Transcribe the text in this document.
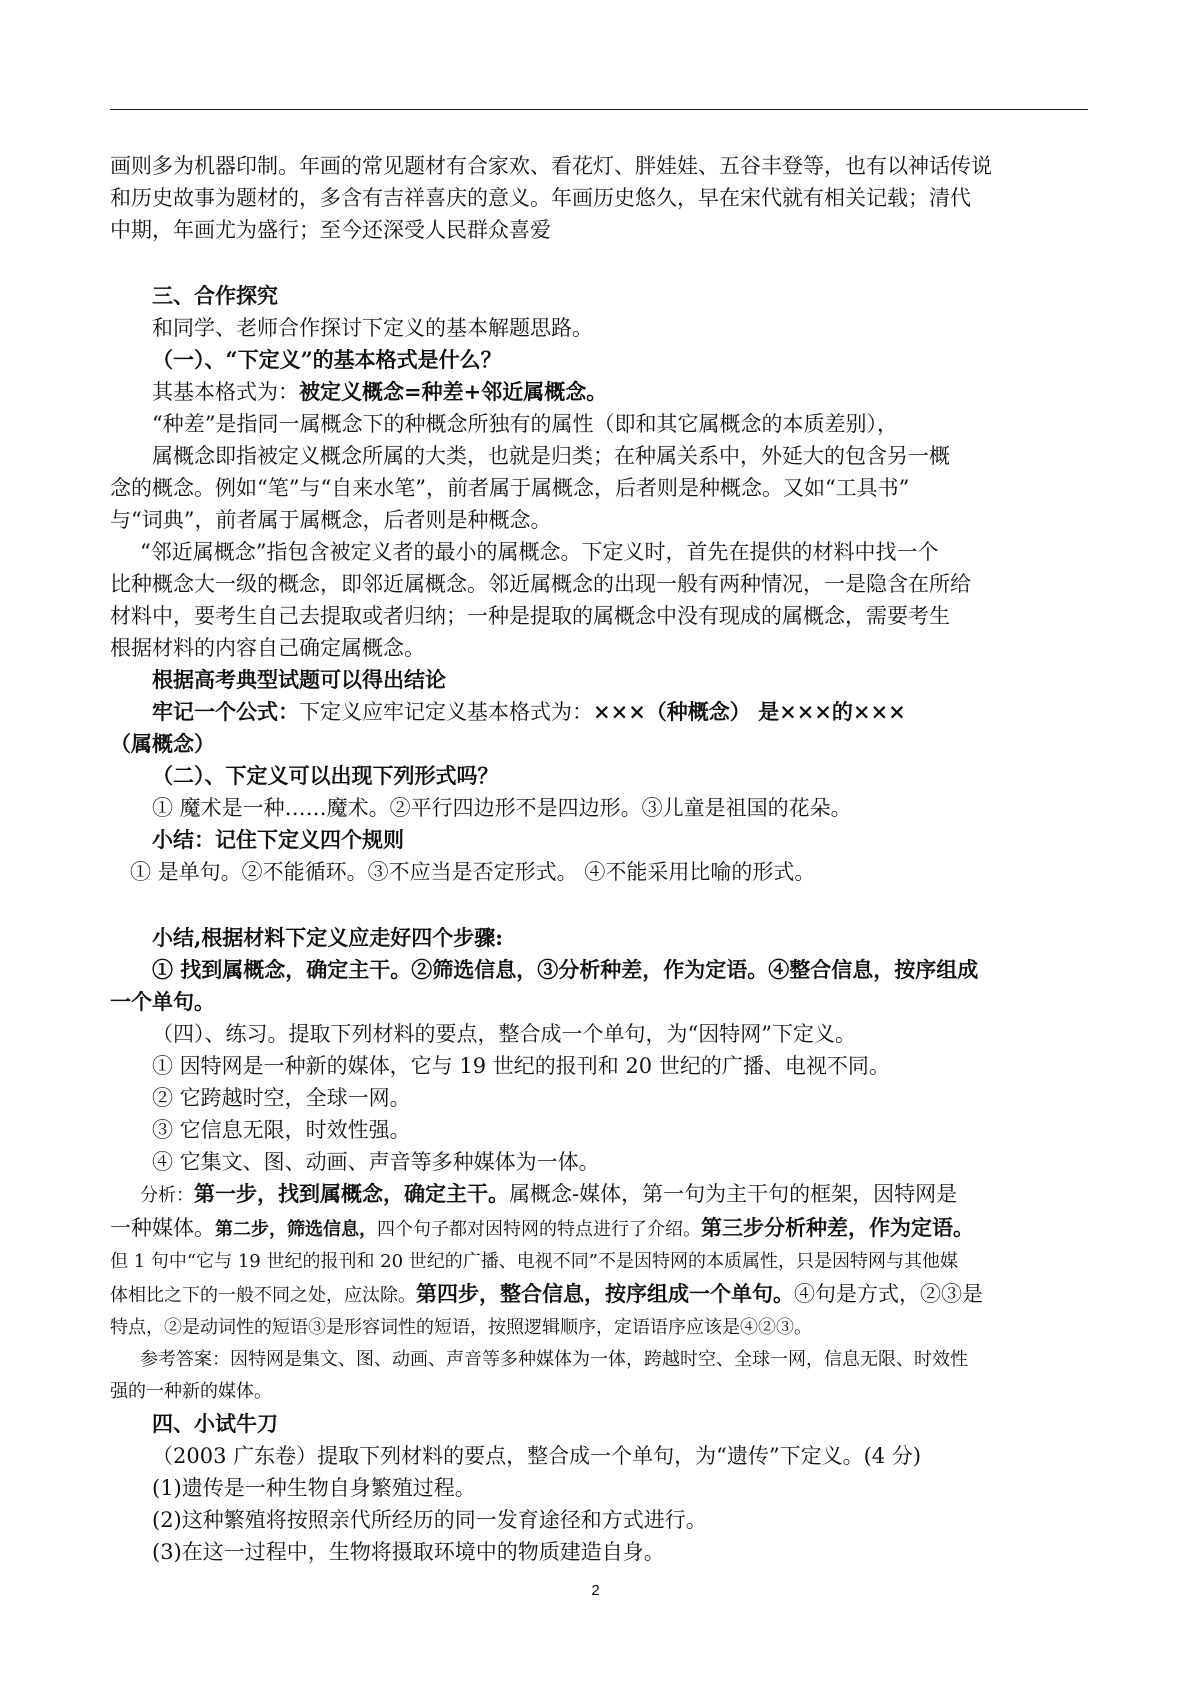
画则多为机器印制。年画的常见题材有合家欢、看花灯、胖娃娃、五谷丰登等，也有以神话传说

和历史故事为题材的，多含有吉祥喜庆的意义。年画历史悠久，早在宋代就有相关记载；清代

中期，年画尤为盛行；至今还深受人民群众喜爱

三、合作探究

和同学、老师合作探讨下定义的基本解题思路。

（一）、“下定义”的基本格式是什么？

其基本格式为：被定义概念=种差+邻近属概念。

“种差”是指同一属概念下的种概念所独有的属性（即和其它属概念的本质差别），

属概念即指被定义概念所属的大类，也就是归类；在种属关系中，外延大的包含另一概

念的概念。例如“笔”与“自来水笔”，前者属于属概念，后者则是种概念。又如“工具书”

与“词典”，前者属于属概念，后者则是种概念。

“邻近属概念”指包含被定义者的最小的属概念。下定义时，首先在提供的材料中找一个

比种概念大一级的概念，即邻近属概念。邻近属概念的出现一般有两种情况，一是隐含在所给

材料中，要考生自己去提取或者归纳；一种是提取的属概念中没有现成的属概念，需要考生

根据材料的内容自己确定属概念。

根据高考典型试题可以得出结论

牢记一个公式：下定义应牢记定义基本格式为：×××（种概念） 是×××的×××

（属概念）

（二）、下定义可以出现下列形式吗？

① 魔术是一种……魔术。②平行四边形不是四边形。③儿童是祖国的花朵。

小结：记住下定义四个规则

① 是单句。②不能循环。③不应当是否定形式。 ④不能采用比喻的形式。

小结,根据材料下定义应走好四个步骤:

① 找到属概念，确定主干。②筛选信息，③分析种差，作为定语。④整合信息，按序组成

一个单句。

（四）、练习。提取下列材料的要点，整合成一个单句，为“因特网”下定义。

① 因特网是一种新的媒体，它与 19 世纪的报刊和 20 世纪的广播、电视不同。

② 它跨越时空，全球一网。

③ 它信息无限，时效性强。

④ 它集文、图、动画、声音等多种媒体为一体。

分析：第一步，找到属概念，确定主干。属概念-媒体，第一句为主干句的框架，因特网是

一种媒体。第二步，筛选信息，四个句子都对因特网的特点进行了介绍。第三步分析种差，作为定语。

但 1 句中“它与 19 世纪的报刊和 20 世纪的广播、电视不同”不是因特网的本质属性，只是因特网与其他媒

体相比之下的一般不同之处，应汰除。第四步，整合信息，按序组成一个单句。④句是方式，②③是

特点，②是动词性的短语③是形容词性的短语，按照逻辑顺序，定语语序应该是④②③。

参考答案：因特网是集文、图、动画、声音等多种媒体为一体，跨越时空、全球一网，信息无限、时效性

强的一种新的媒体。

四、小试牛刀

（2003 广东卷）提取下列材料的要点，整合成一个单句，为“遗传”下定义。(4 分)

(1)遗传是一种生物自身繁殖过程。

(2)这种繁殖将按照亲代所经历的同一发育途径和方式进行。

(3)在这一过程中，生物将摄取环境中的物质建造自身。

2
